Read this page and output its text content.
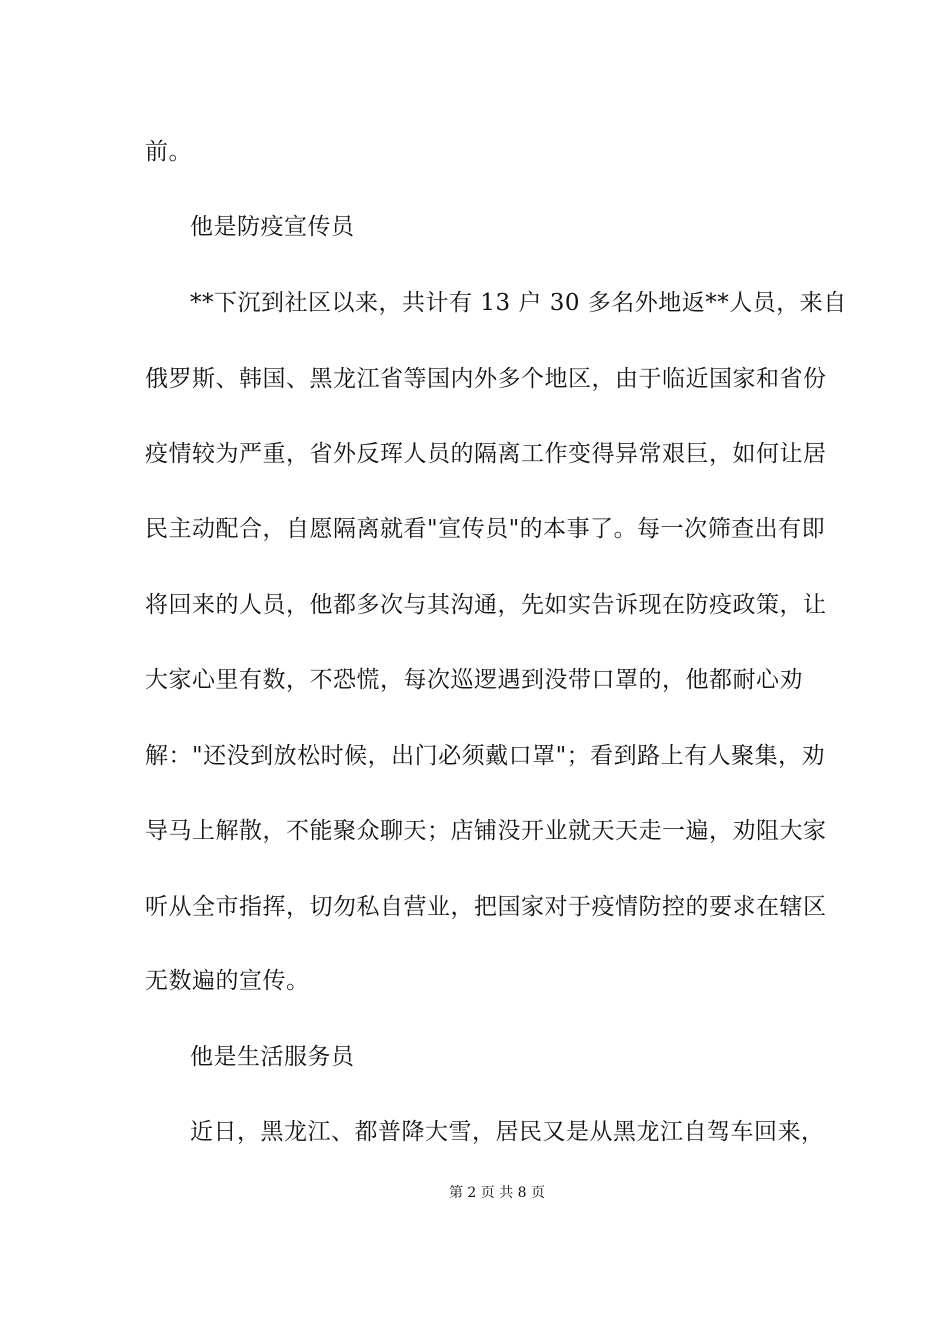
前。
他是防疫宣传员
**下沉到社区以来，共计有 13 户 30 多名外地返**人员，来自
俄罗斯、韩国、黑龙江省等国内外多个地区，由于临近国家和省份
疫情较为严重，省外反珲人员的隔离工作变得异常艰巨，如何让居
民主动配合，自愿隔离就看"宣传员"的本事了。每一次筛查出有即
将回来的人员，他都多次与其沟通，先如实告诉现在防疫政策，让
大家心里有数，不恐慌，每次巡逻遇到没带口罩的，他都耐心劝
解："还没到放松时候，出门必须戴口罩"；看到路上有人聚集，劝
导马上解散，不能聚众聊天；店铺没开业就天天走一遍，劝阻大家
听从全市指挥，切勿私自营业，把国家对于疫情防控的要求在辖区
无数遍的宣传。
他是生活服务员
近日，黑龙江、都普降大雪，居民又是从黑龙江自驾车回来，
第 2 页 共 8 页
